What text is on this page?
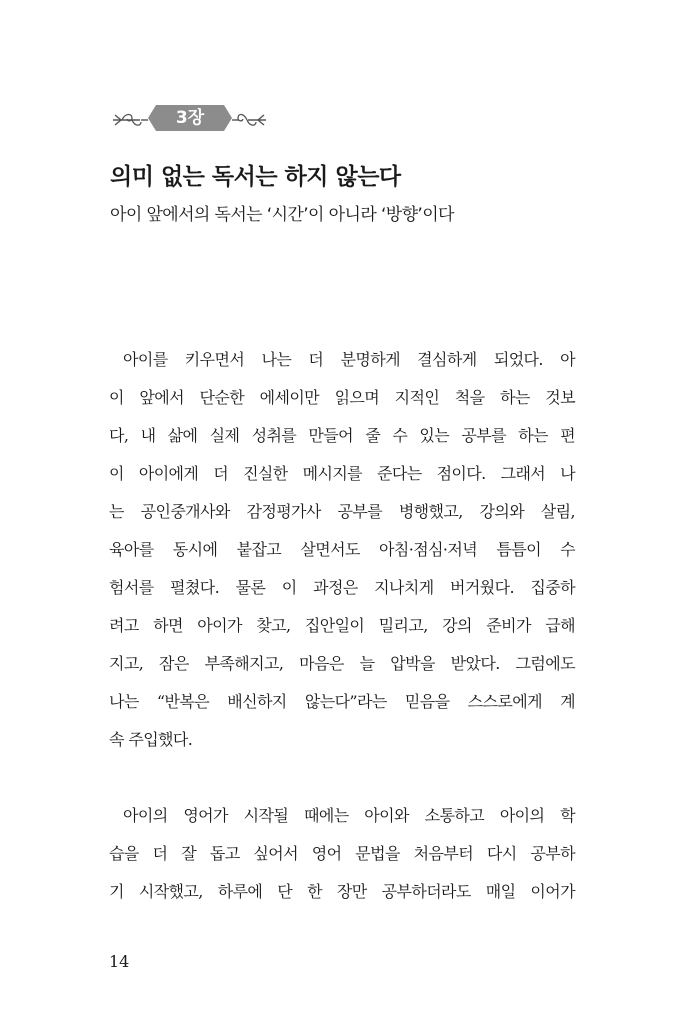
3장
의미 없는 독서는 하지 않는다

아이 앞에서의 독서는 ‘시간’이 아니라 ‘방향’이다

아이를 키우면서 나는 더 분명하게 결심하게 되었다. 아
이 앞에서 단순한 에세이만 읽으며 지적인 척을 하는 것보
다, 내 삶에 실제 성취를 만들어 줄 수 있는 공부를 하는 편
이 아이에게 더 진실한 메시지를 준다는 점이다. 그래서 나
는 공인중개사와 감정평가사 공부를 병행했고, 강의와 살림,
육아를 동시에 붙잡고 살면서도 아침·점심·저녁 틈틈이 수
험서를 펼쳤다. 물론 이 과정은 지나치게 버거웠다. 집중하
려고 하면 아이가 찾고, 집안일이 밀리고, 강의 준비가 급해
지고, 잠은 부족해지고, 마음은 늘 압박을 받았다. 그럼에도
나는 “반복은 배신하지 않는다”라는 믿음을 스스로에게 계
속 주입했다.

아이의 영어가 시작될 때에는 아이와 소통하고 아이의 학
습을 더 잘 돕고 싶어서 영어 문법을 처음부터 다시 공부하
기 시작했고, 하루에 단 한 장만 공부하더라도 매일 이어가

14
